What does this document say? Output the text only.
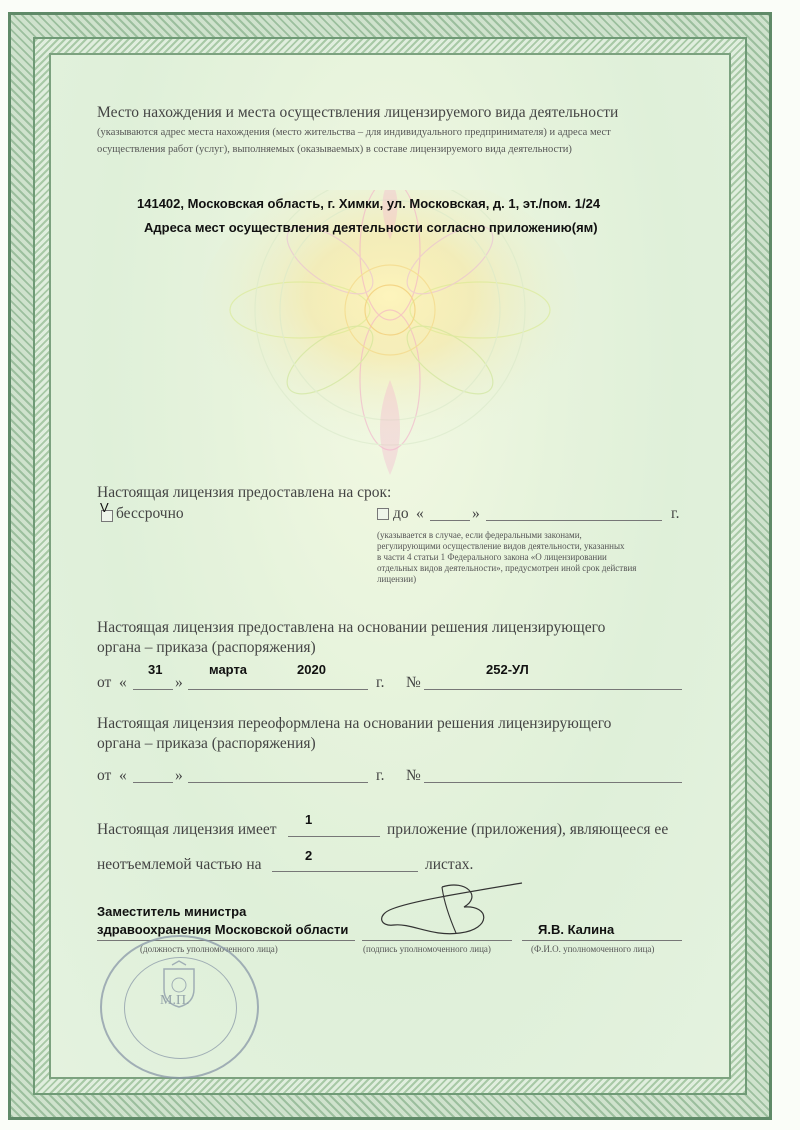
Место нахождения и места осуществления лицензируемого вида деятельности
(указываются адрес места нахождения (место жительства – для индивидуального предпринимателя) и адреса мест
осуществления работ (услуг), выполняемых (оказываемых) в составе лицензируемого вида деятельности)
141402, Московская область, г. Химки, ул. Московская, д. 1, эт./пом. 1/24
Адреса мест осуществления деятельности согласно приложению(ям)
Настоящая лицензия предоставлена на срок:
V бессрочно	до «	»	г.
(указывается в случае, если федеральными законами,
регулирующими осуществление видов деятельности, указанных
в части 4 статьи 1 Федерального закона «О лицензировании
отдельных видов деятельности», предусмотрен иной срок действия
лицензии)
Настоящая лицензия предоставлена на основании решения лицензирующего
органа – приказа (распоряжения)
от «
31
»
марта	2020
г. №
252-УЛ
Настоящая лицензия переоформлена на основании решения лицензирующего
органа – приказа (распоряжения)
от «	»	г. №
Настоящая лицензия имеет
1
приложение (приложения), являющееся ее
неотъемлемой частью на
2
листах.
Заместитель министра
здравоохранения Московской области
(должность уполномоченного лица)	(подпись уполномоченного лица)
Я.В. Калина
(Ф.И.О. уполномоченного лица)
М.П.
